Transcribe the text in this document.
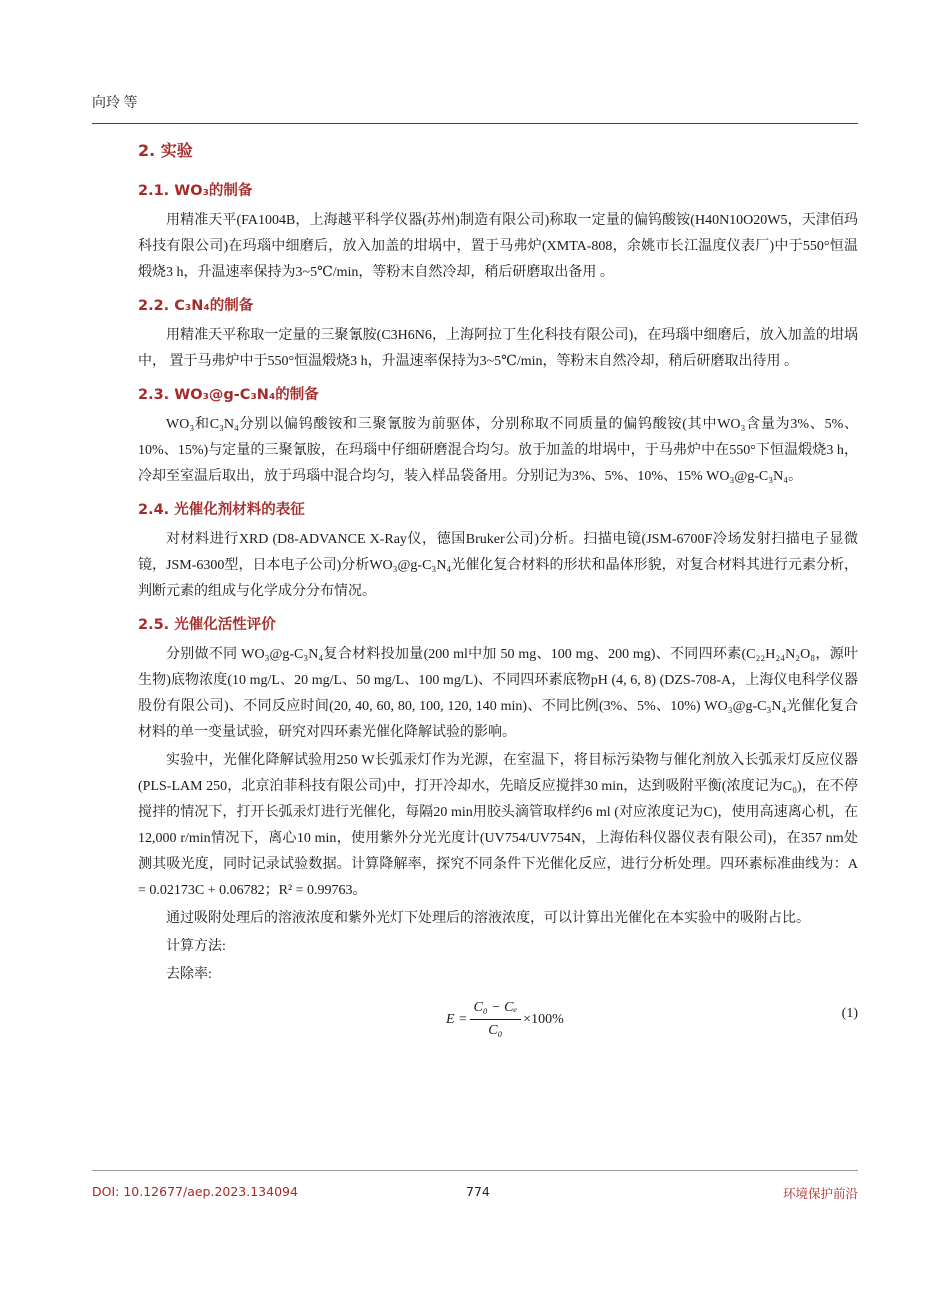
向玲 等
2. 实验
2.1. WO₃的制备

用精准天平(FA1004B，上海越平科学仪器(苏州)制造有限公司)称取一定量的偏钨酸铵(H40N10O20W5，天津佰玛科技有限公司)在玛瑙中细磨后，放入加盖的坩埚中，置于马弗炉(XMTA-808，余姚市长江温度仪表厂)中于550°恒温煅烧3 h，升温速率保持为3~5℃/min，等粉末自然冷却，稍后研磨取出备用 。

2.2. C₃N₄的制备

用精准天平称取一定量的三聚氰胺(C3H6N6，上海阿拉丁生化科技有限公司)，在玛瑙中细磨后，放入加盖的坩埚中， 置于马弗炉中于550°恒温煅烧3 h，升温速率保持为3~5℃/min，等粉末自然冷却，稍后研磨取出待用 。

2.3. WO₃@g-C₃N₄的制备

WO₃和C₃N₄分别以偏钨酸铵和三聚氰胺为前驱体，分别称取不同质量的偏钨酸铵(其中WO₃含量为3%、5%、10%、15%)与定量的三聚氰胺，在玛瑙中仔细研磨混合均匀。放于加盖的坩埚中，于马弗炉中在550°下恒温煅烧3 h，冷却至室温后取出，放于玛瑙中混合均匀，装入样品袋备用。分别记为3%、5%、10%、15% WO₃@g-C₃N₄。

2.4. 光催化剂材料的表征

对材料进行XRD (D8-ADVANCE X-Ray仪，德国Bruker公司)分析。扫描电镜(JSM-6700F冷场发射扫描电子显微镜，JSM-6300型，日本电子公司)分析WO₃@g-C₃N₄光催化复合材料的形状和晶体形貌，对复合材料其进行元素分析，判断元素的组成与化学成分分布情况。

2.5. 光催化活性评价

分别做不同 WO₃@g-C₃N₄复合材料投加量(200 ml中加 50 mg、100 mg、200 mg)、不同四环素(C₂₂H₂₄N₂O₈，源叶生物)底物浓度(10 mg/L、20 mg/L、50 mg/L、100 mg/L)、不同四环素底物pH (4, 6, 8) (DZS-708-A，上海仪电科学仪器股份有限公司)、不同反应时间(20, 40, 60, 80, 100, 120, 140 min)、不同比例(3%、5%、10%) WO₃@g-C₃N₄光催化复合材料的单一变量试验，研究对四环素光催化降解试验的影响。

实验中，光催化降解试验用250 W长弧汞灯作为光源，在室温下，将目标污染物与催化剂放入长弧汞灯反应仪器(PLS-LAM 250，北京泊菲科技有限公司)中，打开冷却水，先暗反应搅拌30 min，达到吸附平衡(浓度记为C₀)，在不停搅拌的情况下，打开长弧汞灯进行光催化，每隔20 min用胶头滴管取样约6 ml (对应浓度记为C)，使用高速离心机，在12,000 r/min情况下，离心10 min，使用紫外分光光度计(UV754/UV754N，上海佑科仪器仪表有限公司)，在357 nm处测其吸光度，同时记录试验数据。计算降解率，探究不同条件下光催化反应，进行分析处理。四环素标准曲线为：A = 0.02173C + 0.06782；R² = 0.99763。

通过吸附处理后的溶液浓度和紫外光灯下处理后的溶液浓度，可以计算出光催化在本实验中的吸附占比。

计算方法:

去除率:

$E = \frac{\text{C₀ − Cₑ}}{\text{C₀}} \times 100\%$	(1)
DOI: 10.12677/aep.2023.134094	774	环境保护前沿
